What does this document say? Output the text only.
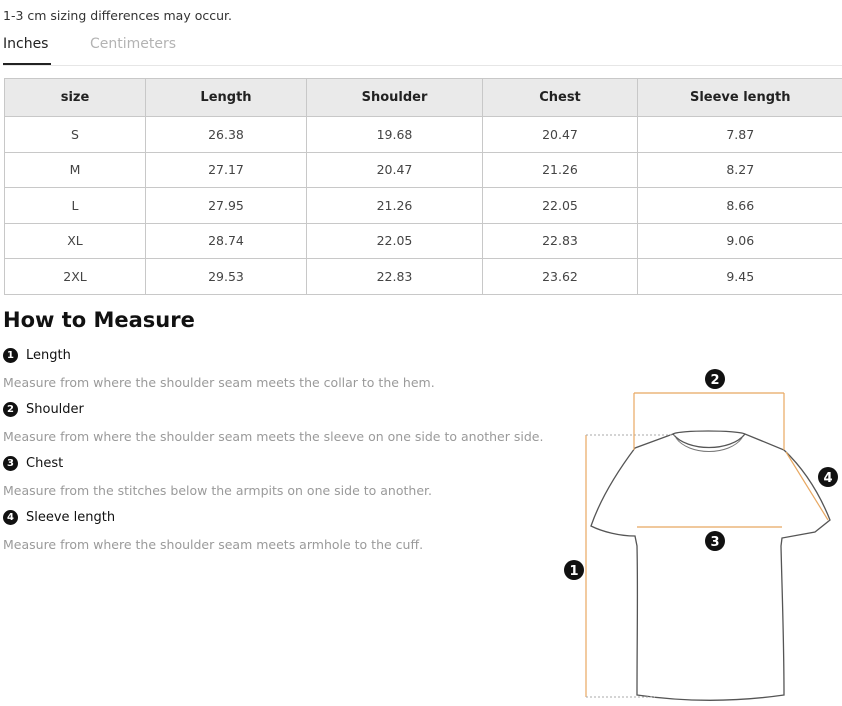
1-3 cm sizing differences may occur.
Inches	Centimeters
size	Length	Shoulder	Chest	Sleeve length
S	26.38	19.68	20.47	7.87
M	27.17	20.47	21.26	8.27
L	27.95	21.26	22.05	8.66
XL	28.74	22.05	22.83	9.06
2XL	29.53	22.83	23.62	9.45
How to Measure
1 Length
Measure from where the shoulder seam meets the collar to the hem.
2 Shoulder
Measure from where the shoulder seam meets the sleeve on one side to another side.
3 Chest
Measure from the stitches below the armpits on one side to another.
4 Sleeve length
Measure from where the shoulder seam meets armhole to the cuff.
1
2
3
4
